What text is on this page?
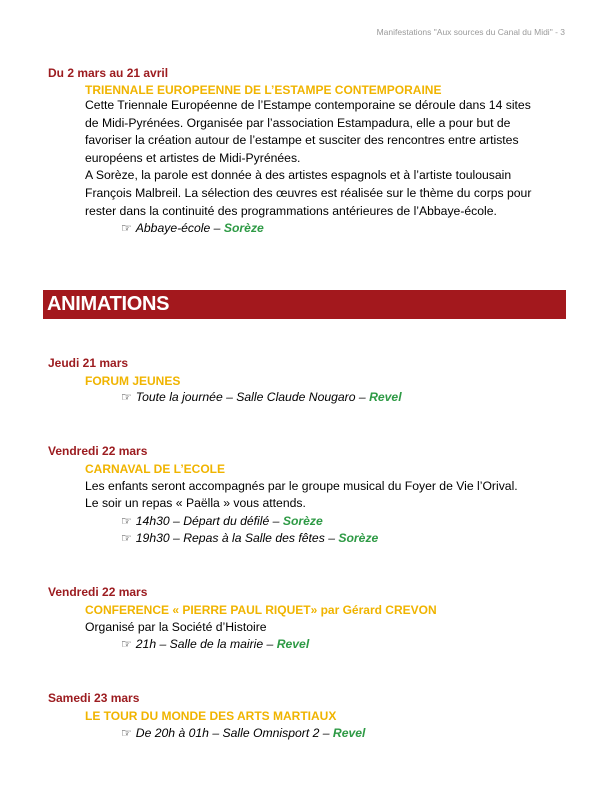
Manifestations "Aux sources du Canal du Midi" - 3
Du 2 mars au 21 avril
TRIENNALE EUROPEENNE DE L’ESTAMPE CONTEMPORAINE
Cette Triennale Européenne de l’Estampe contemporaine se déroule dans 14 sites
de Midi-Pyrénées. Organisée par l’association Estampadura, elle a pour but de
favoriser la création autour de l’estampe et susciter des rencontres entre artistes
européens et artistes de Midi-Pyrénées.
A Sorèze, la parole est donnée à des artistes espagnols et à l’artiste toulousain
François Malbreil. La sélection des œuvres est réalisée sur le thème du corps pour
rester dans la continuité des programmations antérieures de l’Abbaye-école.
☞ Abbaye-école – Sorèze
ANIMATIONS
Jeudi 21 mars
FORUM JEUNES
☞ Toute la journée – Salle Claude Nougaro – Revel
Vendredi 22 mars
CARNAVAL DE L’ECOLE
Les enfants seront accompagnés par le groupe musical du Foyer de Vie l’Orival.
Le soir un repas « Paëlla » vous attends.
☞ 14h30 – Départ du défilé – Sorèze
☞ 19h30 – Repas à la Salle des fêtes – Sorèze
Vendredi 22 mars
CONFERENCE « PIERRE PAUL RIQUET» par Gérard CREVON
Organisé par la Société d’Histoire
☞ 21h – Salle de la mairie – Revel
Samedi 23 mars
LE TOUR DU MONDE DES ARTS MARTIAUX
☞ De 20h à 01h – Salle Omnisport 2 – Revel
